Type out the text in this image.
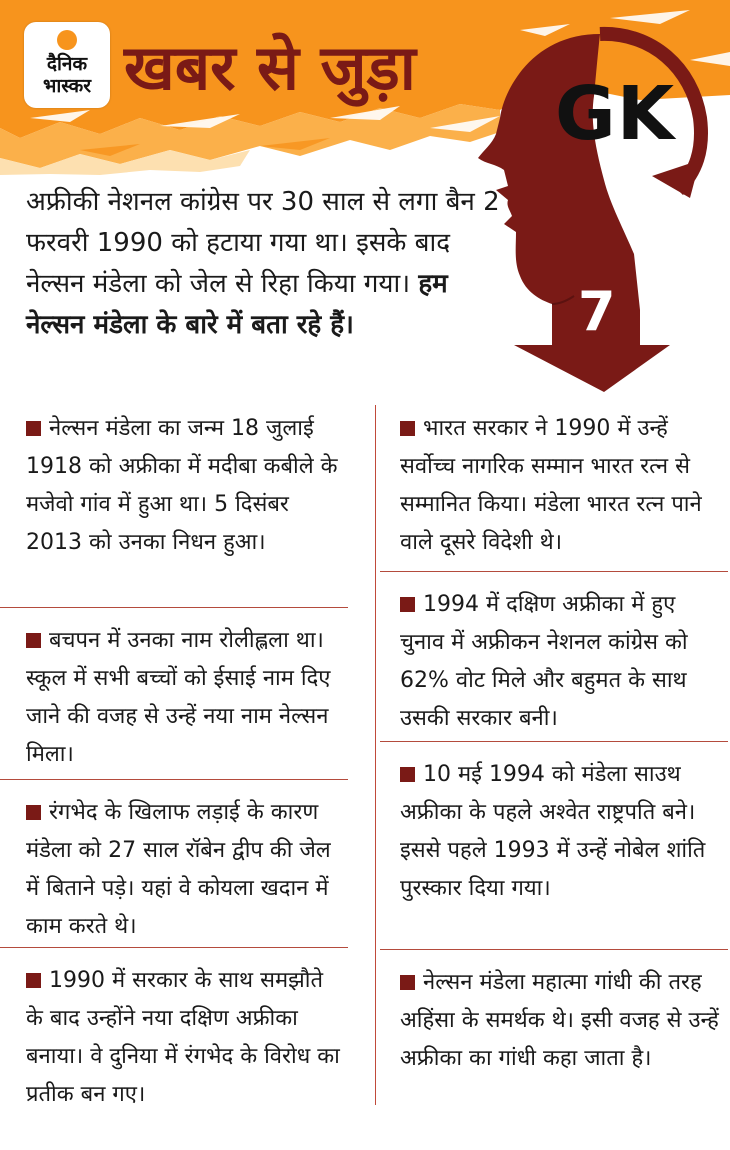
दैनिक
भास्कर खबर से जुड़ा
GK
7
अफ्रीकी नेशनल कांग्रेस पर 30 साल से लगा बैन 2 फरवरी 1990 को हटाया गया था। इसके बाद नेल्सन मंडेला को जेल से रिहा किया गया। हम नेल्सन मंडेला के बारे में बता रहे हैं।
नेल्सन मंडेला का जन्म 18 जुलाई 1918 को अफ्रीका में मदीबा कबीले के मजेवो गांव में हुआ था। 5 दिसंबर 2013 को उनका निधन हुआ।
बचपन में उनका नाम रोलीह्लला था। स्कूल में सभी बच्चों को ईसाई नाम दिए जाने की वजह से उन्हें नया नाम नेल्सन मिला।
रंगभेद के खिलाफ लड़ाई के कारण मंडेला को 27 साल रॉबेन द्वीप की जेल में बिताने पड़े। यहां वे कोयला खदान में काम करते थे।
1990 में सरकार के साथ समझौते के बाद उन्होंने नया दक्षिण अफ्रीका बनाया। वे दुनिया में रंगभेद के विरोध का प्रतीक बन गए।
भारत सरकार ने 1990 में उन्हें सर्वोच्च नागरिक सम्मान भारत रत्न से सम्मानित किया। मंडेला भारत रत्न पाने वाले दूसरे विदेशी थे।
1994 में दक्षिण अफ्रीका में हुए चुनाव में अफ्रीकन नेशनल कांग्रेस को 62% वोट मिले और बहुमत के साथ उसकी सरकार बनी।
10 मई 1994 को मंडेला साउथ अफ्रीका के पहले अश्वेत राष्ट्रपति बने। इससे पहले 1993 में उन्हें नोबेल शांति पुरस्कार दिया गया।
नेल्सन मंडेला महात्मा गांधी की तरह अहिंसा के समर्थक थे। इसी वजह से उन्हें अफ्रीका का गांधी कहा जाता है।
